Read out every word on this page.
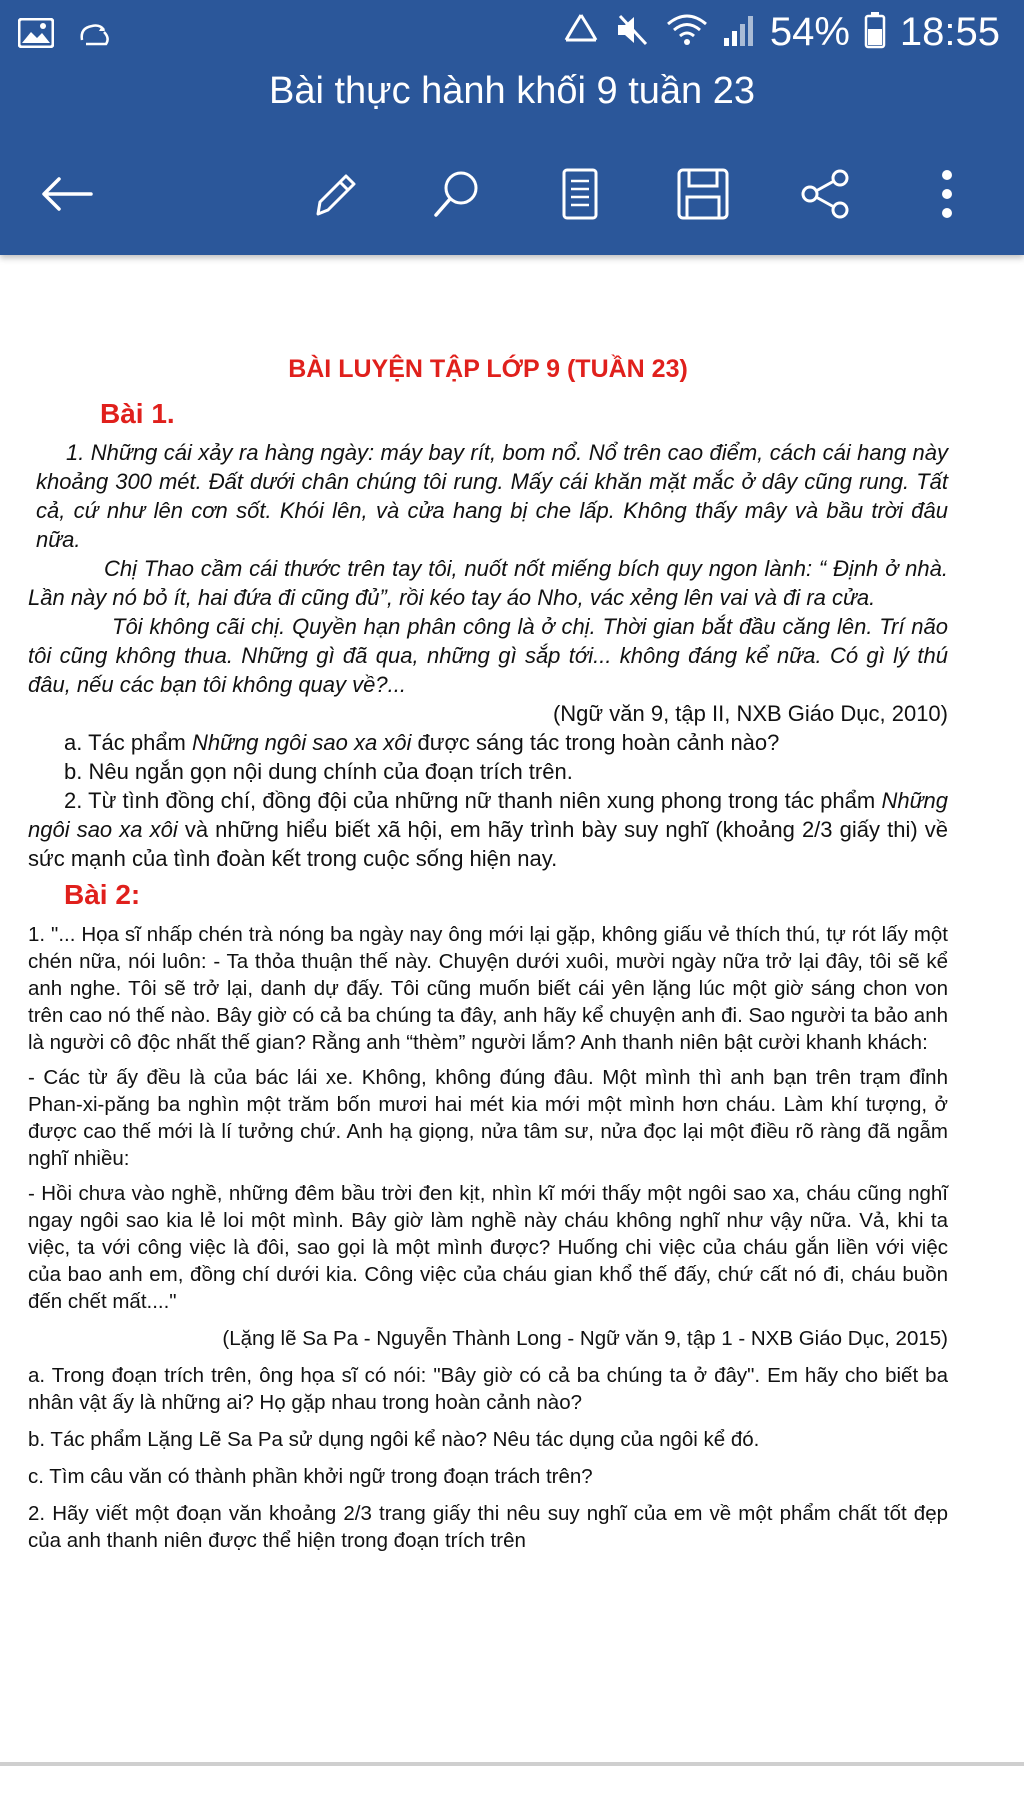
54% 18:55
Bài thực hành khối 9 tuần 23
BÀI LUYỆN TẬP LỚP 9 (TUẦN 23)
Bài 1.

1. Những cái xảy ra hàng ngày: máy bay rít, bom nổ. Nổ trên cao điểm, cách cái hang này khoảng 300 mét. Đất dưới chân chúng tôi rung. Mấy cái khăn mặt mắc ở dây cũng rung. Tất cả, cứ như lên cơn sốt. Khói lên, và cửa hang bị che lấp. Không thấy mây và bầu trời đâu nữa.

Chị Thao cầm cái thước trên tay tôi, nuốt nốt miếng bích quy ngon lành: “ Định ở nhà. Lần này nó bỏ ít, hai đứa đi cũng đủ”, rồi kéo tay áo Nho, vác xẻng lên vai và đi ra cửa.

Tôi không cãi chị. Quyền hạn phân công là ở chị. Thời gian bắt đầu căng lên. Trí não tôi cũng không thua. Những gì đã qua, những gì sắp tới... không đáng kể nữa. Có gì lý thú đâu, nếu các bạn tôi không quay về?...

(Ngữ văn 9, tập II, NXB Giáo Dục, 2010)

a. Tác phẩm Những ngôi sao xa xôi được sáng tác trong hoàn cảnh nào?

b. Nêu ngắn gọn nội dung chính của đoạn trích trên.

2. Từ tình đồng chí, đồng đội của những nữ thanh niên xung phong trong tác phẩm Những ngôi sao xa xôi và những hiểu biết xã hội, em hãy trình bày suy nghĩ (khoảng 2/3 giấy thi) về sức mạnh của tình đoàn kết trong cuộc sống hiện nay.

Bài 2:

1. "... Họa sĩ nhấp chén trà nóng ba ngày nay ông mới lại gặp, không giấu vẻ thích thú, tự rót lấy một chén nữa, nói luôn: - Ta thỏa thuận thế này. Chuyện dưới xuôi, mười ngày nữa trở lại đây, tôi sẽ kể anh nghe. Tôi sẽ trở lại, danh dự đấy. Tôi cũng muốn biết cái yên lặng lúc một giờ sáng chon von trên cao nó thế nào. Bây giờ có cả ba chúng ta đây, anh hãy kể chuyện anh đi. Sao người ta bảo anh là người cô độc nhất thế gian? Rằng anh “thèm” người lắm? Anh thanh niên bật cười khanh khách:

- Các từ ấy đều là của bác lái xe. Không, không đúng đâu. Một mình thì anh bạn trên trạm đỉnh Phan-xi-păng ba nghìn một trăm bốn mươi hai mét kia mới một mình hơn cháu. Làm khí tượng, ở được cao thế mới là lí tưởng chứ. Anh hạ giọng, nửa tâm sư, nửa đọc lại một điều rõ ràng đã ngẫm nghĩ nhiều:

- Hồi chưa vào nghề, những đêm bầu trời đen kịt, nhìn kĩ mới thấy một ngôi sao xa, cháu cũng nghĩ ngay ngôi sao kia lẻ loi một mình. Bây giờ làm nghề này cháu không nghĩ như vậy nữa. Vả, khi ta việc, ta với công việc là đôi, sao gọi là một mình được? Huống chi việc của cháu gắn liền với việc của bao anh em, đồng chí dưới kia. Công việc của cháu gian khổ thế đấy, chứ cất nó đi, cháu buồn đến chết mất...."

(Lặng lẽ Sa Pa - Nguyễn Thành Long - Ngữ văn 9, tập 1 - NXB Giáo Dục, 2015)

a. Trong đoạn trích trên, ông họa sĩ có nói: "Bây giờ có cả ba chúng ta ở đây". Em hãy cho biết ba nhân vật ấy là những ai? Họ gặp nhau trong hoàn cảnh nào?

b. Tác phẩm Lặng Lẽ Sa Pa sử dụng ngôi kể nào? Nêu tác dụng của ngôi kể đó.

c. Tìm câu văn có thành phần khởi ngữ trong đoạn trách trên?

2. Hãy viết một đoạn văn khoảng 2/3 trang giấy thi nêu suy nghĩ của em về một phẩm chất tốt đẹp của anh thanh niên được thể hiện trong đoạn trích trên
